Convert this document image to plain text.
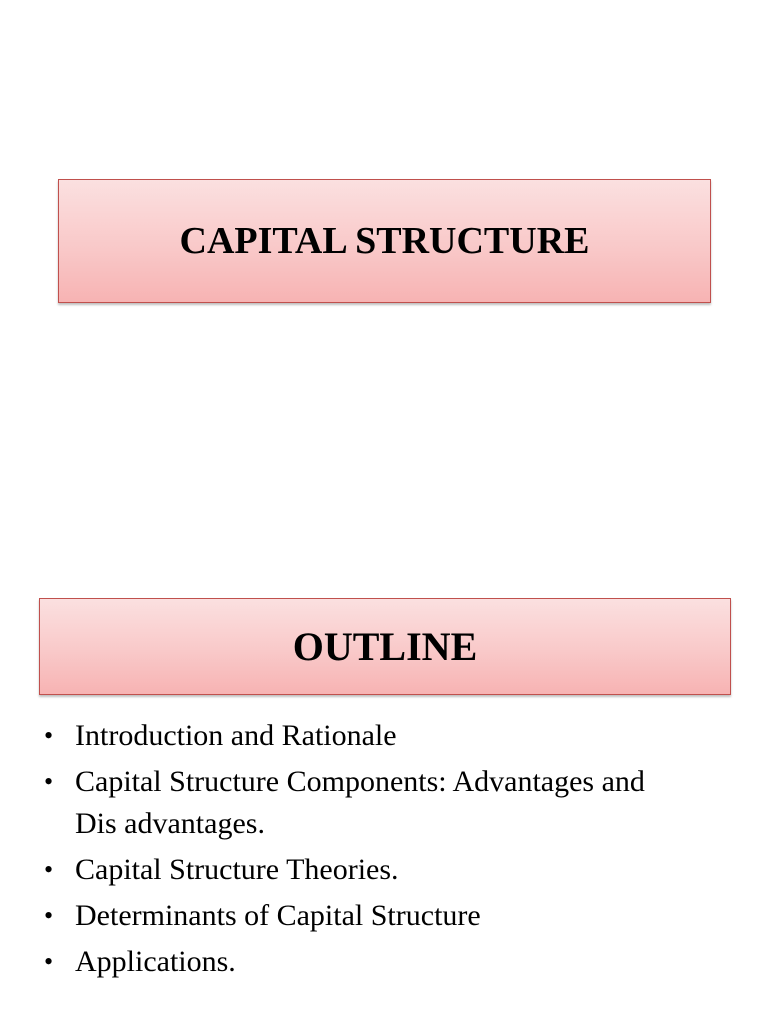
CAPITAL STRUCTURE
OUTLINE
• Introduction and Rationale
• Capital Structure Components: Advantages and Dis advantages.
• Capital Structure Theories.
• Determinants of Capital Structure
• Applications.
